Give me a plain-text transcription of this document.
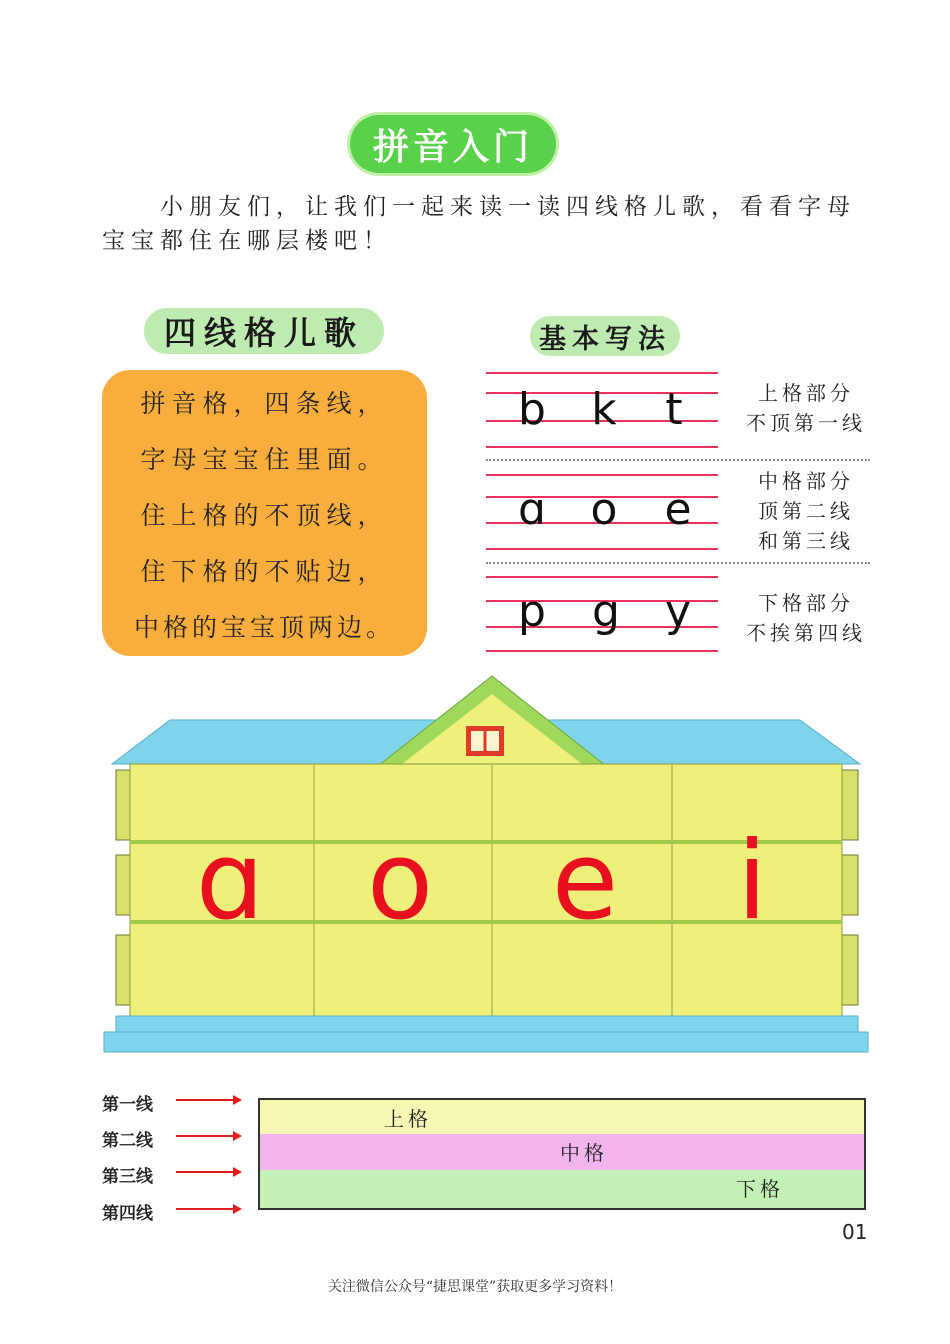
拼音入门
小朋友们，让我们一起来读一读四线格儿歌，看看字母宝宝都住在哪层楼吧！
四线格儿歌
拼音格，四条线，
字母宝宝住里面。
住上格的不顶线，
住下格的不贴边，
中格的宝宝顶两边。
基本写法
b k t	上格部分
不顶第一线
ɑ o e
中格部分
顶第二线
和第三线
p g y	下格部分
不挨第四线
ɑ o e i
第一线
第二线
第三线
第四线
上格
中格
下格
01
关注微信公众号“捷思课堂”获取更多学习资料！
